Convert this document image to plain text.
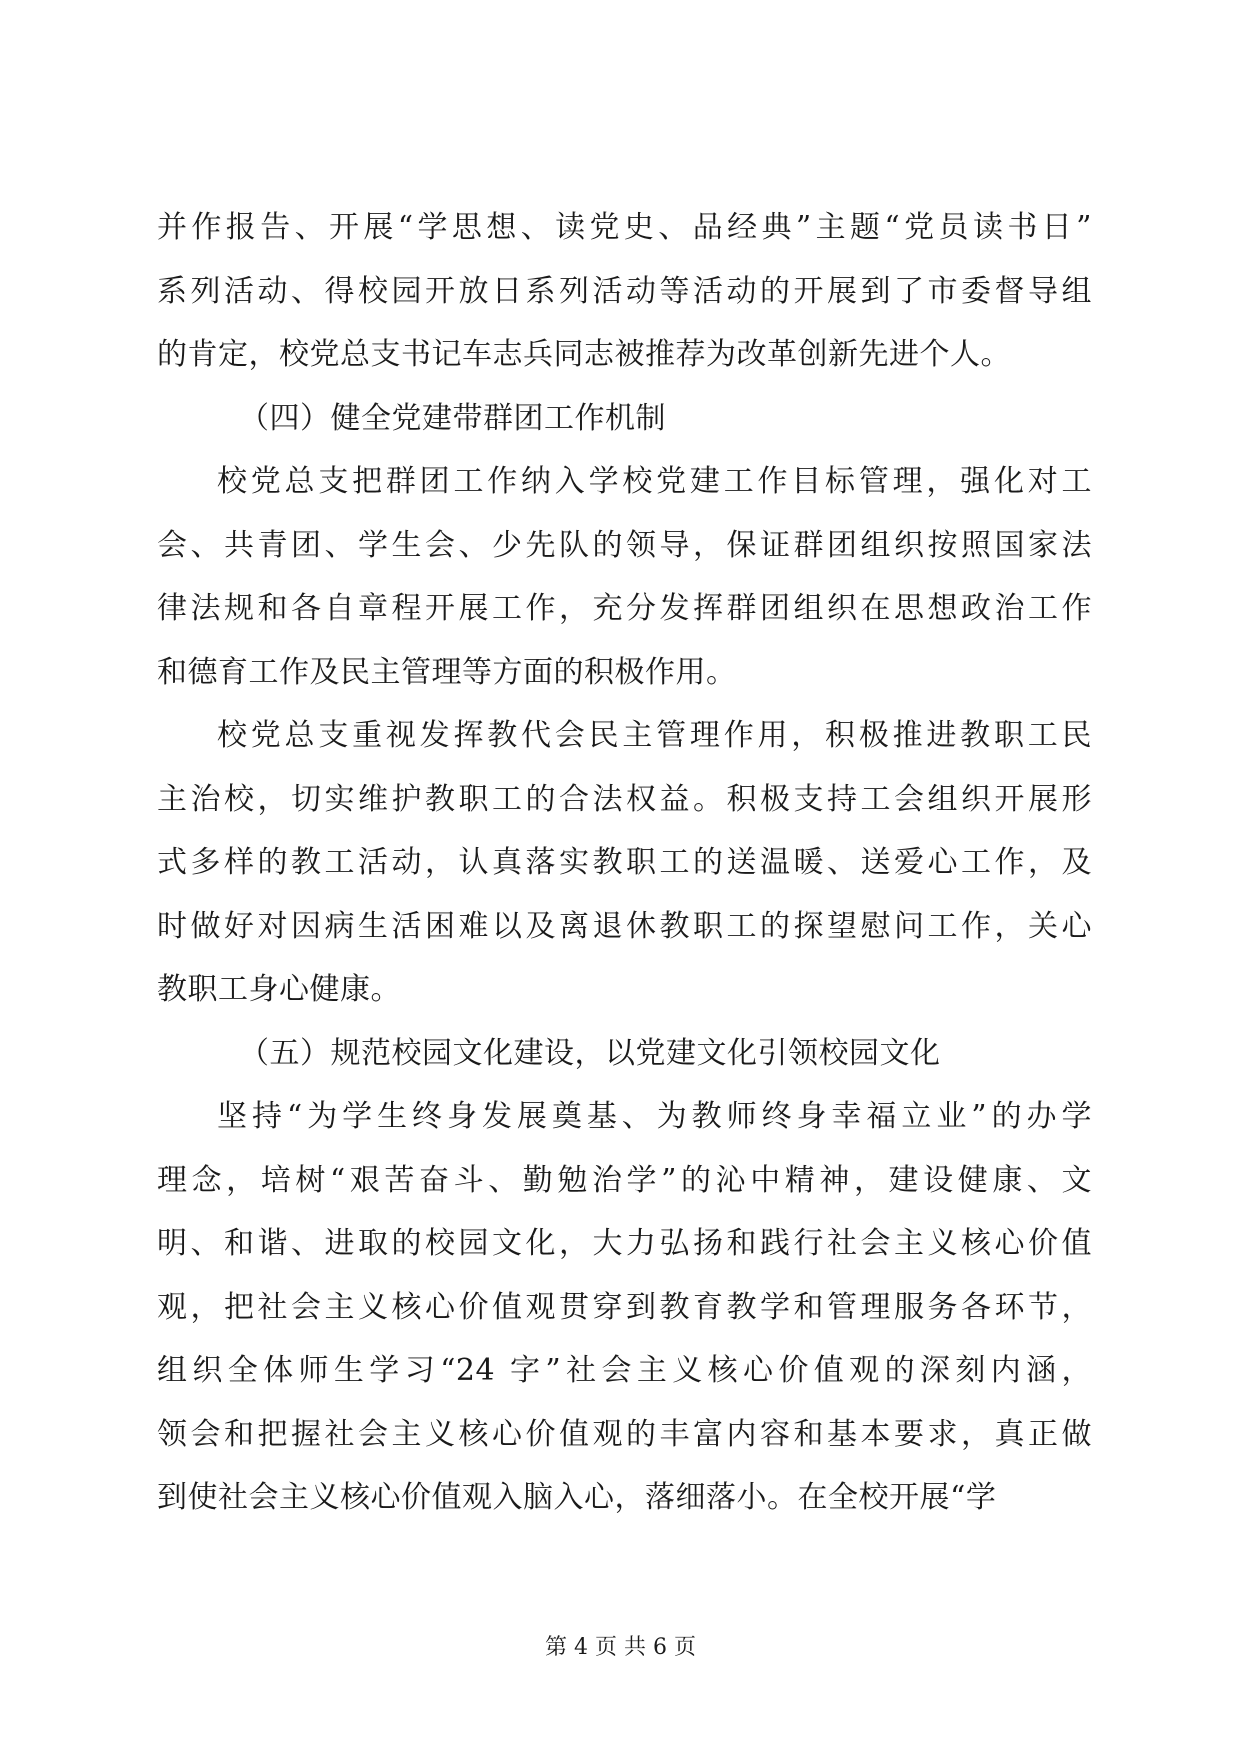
并作报告、开展“学思想、读党史、品经典”主题“党员读书日”
系列活动、得校园开放日系列活动等活动的开展到了市委督导组
的肯定，校党总支书记车志兵同志被推荐为改革创新先进个人。
（四）健全党建带群团工作机制
校党总支把群团工作纳入学校党建工作目标管理，强化对工
会、共青团、学生会、少先队的领导，保证群团组织按照国家法
律法规和各自章程开展工作，充分发挥群团组织在思想政治工作
和德育工作及民主管理等方面的积极作用。
校党总支重视发挥教代会民主管理作用，积极推进教职工民
主治校，切实维护教职工的合法权益。积极支持工会组织开展形
式多样的教工活动，认真落实教职工的送温暖、送爱心工作，及
时做好对因病生活困难以及离退休教职工的探望慰问工作，关心
教职工身心健康。
（五）规范校园文化建设，以党建文化引领校园文化
坚持“为学生终身发展奠基、为教师终身幸福立业”的办学
理念，培树“艰苦奋斗、勤勉治学”的沁中精神，建设健康、文
明、和谐、进取的校园文化，大力弘扬和践行社会主义核心价值
观，把社会主义核心价值观贯穿到教育教学和管理服务各环节，
组织全体师生学习“24 字”社会主义核心价值观的深刻内涵，
领会和把握社会主义核心价值观的丰富内容和基本要求，真正做
到使社会主义核心价值观入脑入心，落细落小。在全校开展“学
第 4 页 共 6 页
